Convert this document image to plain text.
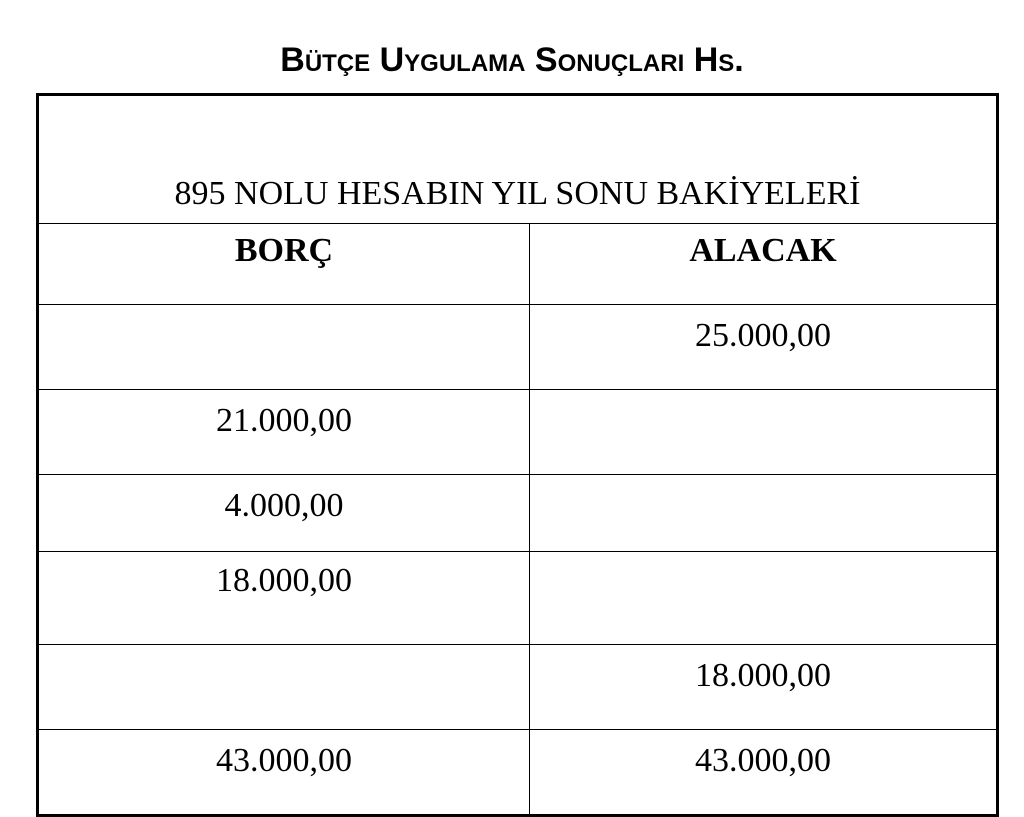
Bütçe Uygulama Sonuçları Hs.
895 NOLU HESABIN YIL SONU BAKİYELERİ	
BORÇ	ALACAK
	25.000,00
21.000,00	
4.000,00	
18.000,00	
	18.000,00
43.000,00	43.000,00
